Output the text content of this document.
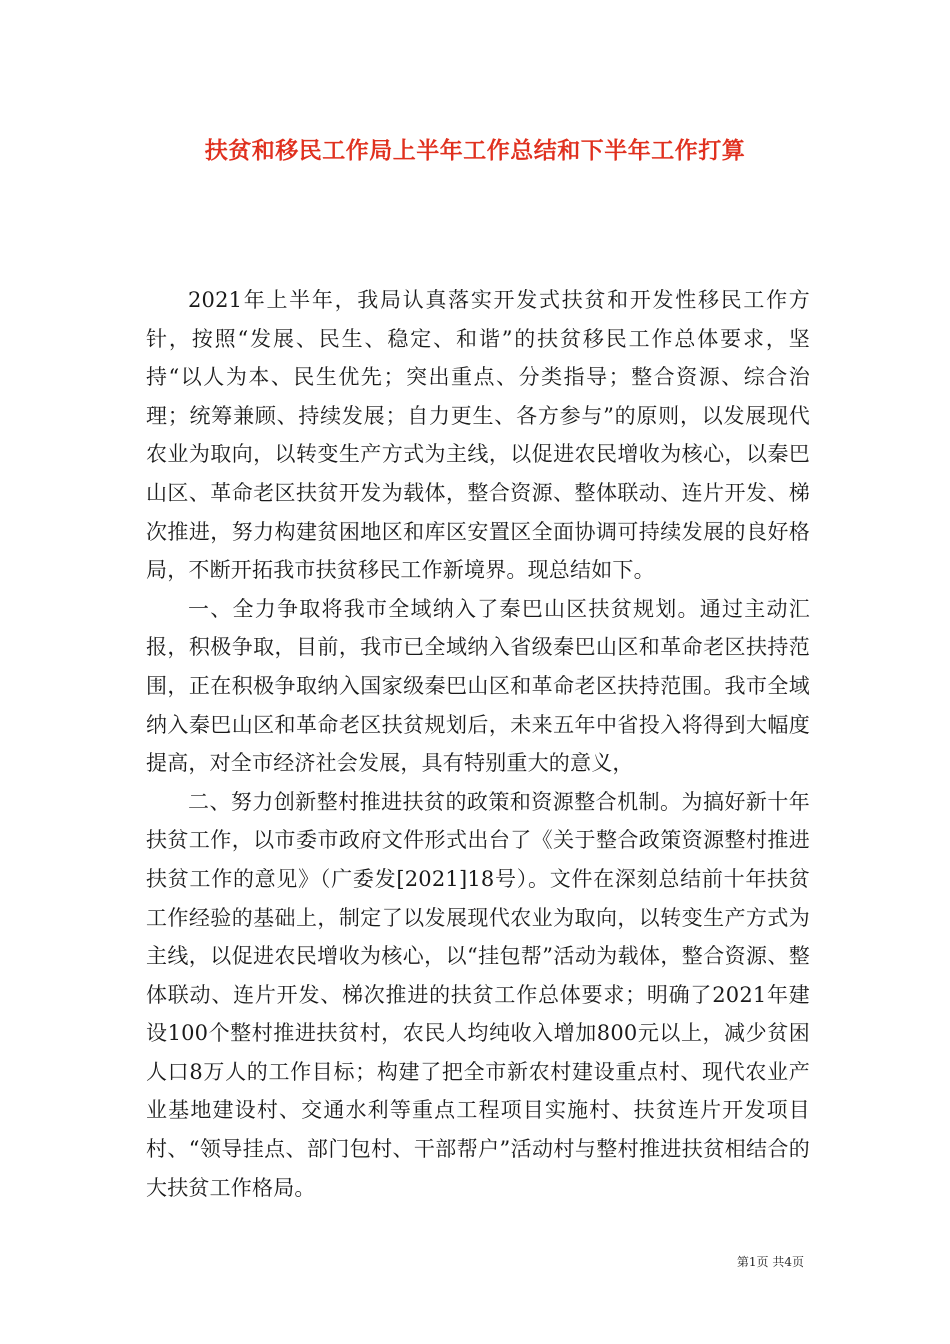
扶贫和移民工作局上半年工作总结和下半年工作打算

2021年上半年，我局认真落实开发式扶贫和开发性移民工作方针，按照“发展、民生、稳定、和谐”的扶贫移民工作总体要求，坚持“以人为本、民生优先；突出重点、分类指导；整合资源、综合治理；统筹兼顾、持续发展；自力更生、各方参与”的原则，以发展现代农业为取向，以转变生产方式为主线，以促进农民增收为核心，以秦巴山区、革命老区扶贫开发为载体，整合资源、整体联动、连片开发、梯次推进，努力构建贫困地区和库区安置区全面协调可持续发展的良好格局，不断开拓我市扶贫移民工作新境界。现总结如下。

一、全力争取将我市全域纳入了秦巴山区扶贫规划。通过主动汇报，积极争取，目前，我市已全域纳入省级秦巴山区和革命老区扶持范围，正在积极争取纳入国家级秦巴山区和革命老区扶持范围。我市全域纳入秦巴山区和革命老区扶贫规划后，未来五年中省投入将得到大幅度提高，对全市经济社会发展，具有特别重大的意义，

二、努力创新整村推进扶贫的政策和资源整合机制。为搞好新十年扶贫工作，以市委市政府文件形式出台了《关于整合政策资源整村推进扶贫工作的意见》（广委发[2021]18号）。文件在深刻总结前十年扶贫工作经验的基础上，制定了以发展现代农业为取向，以转变生产方式为主线，以促进农民增收为核心，以“挂包帮”活动为载体，整合资源、整体联动、连片开发、梯次推进的扶贫工作总体要求；明确了2021年建设100个整村推进扶贫村，农民人均纯收入增加800元以上，减少贫困人口8万人的工作目标；构建了把全市新农村建设重点村、现代农业产业基地建设村、交通水利等重点工程项目实施村、扶贫连片开发项目村、“领导挂点、部门包村、干部帮户”活动村与整村推进扶贫相结合的大扶贫工作格局。

第1页 共4页
